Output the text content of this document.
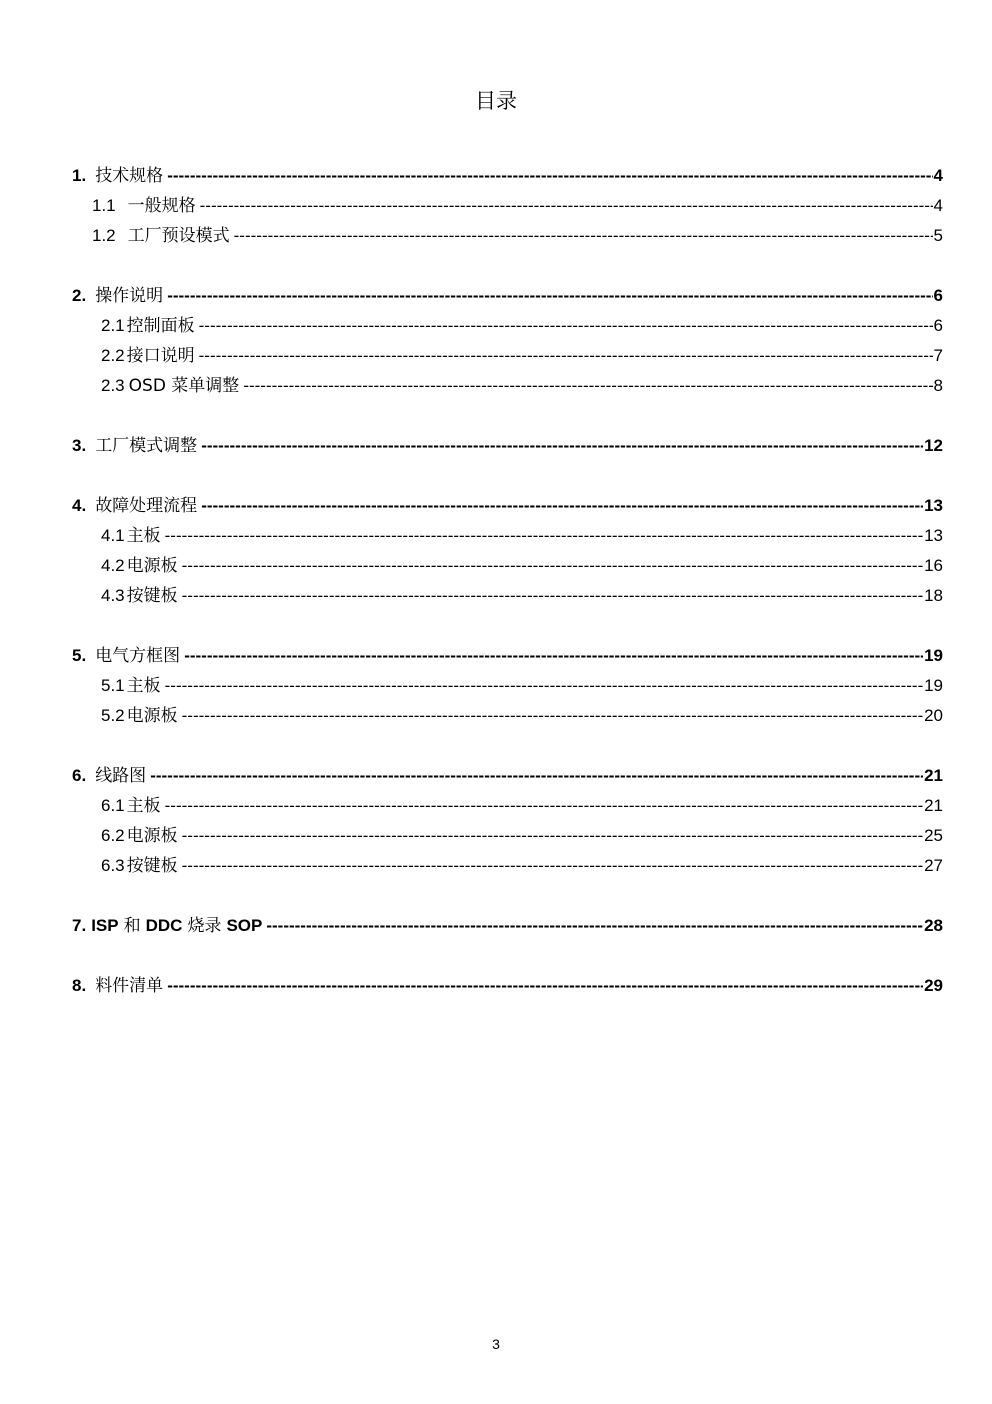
目录
1. 技术规格 -----	4
1.1 一般规格 -----	4
1.2 工厂预设模式 -----	5
2. 操作说明 -----	6
2.1 控制面板 -----	6
2.2 接口说明 -----	7
2.3 OSD 菜单调整 -----	8
3. 工厂模式调整 -----	12
4. 故障处理流程 -----	13
4.1 主板 -----	13
4.2 电源板 -----	16
4.3 按键板 -----	18
5. 电气方框图 -----	19
5.1 主板 -----	19
5.2 电源板 -----	20
6. 线路图 -----	21
6.1 主板 -----	21
6.2 电源板 -----	25
6.3 按键板 -----	27
7. ISP 和 DDC 烧录 SOP -----	28
8. 料件清单 -----	29
3
